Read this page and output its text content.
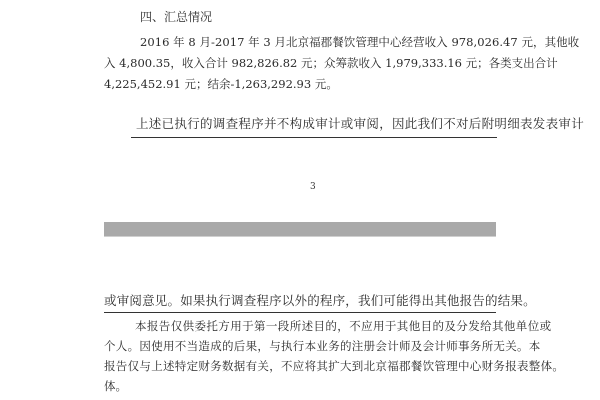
四、汇总情况
2016 年 8 月-2017 年 3 月北京福郡餐饮管理中心经营收入 978,026.47 元，其他收
入 4,800.35，收入合计 982,826.82 元；众筹款收入 1,979,333.16 元；各类支出合计
4,225,452.91 元；结余-1,263,292.93 元。
上述已执行的调查程序并不构成审计或审阅，因此我们不对后附明细表发表审计
3
或审阅意见。如果执行调查程序以外的程序，我们可能得出其他报告的结果。
本报告仅供委托方用于第一段所述目的，不应用于其他目的及分发给其他单位或
个人。因使用不当造成的后果，与执行本业务的注册会计师及会计师事务所无关。本
报告仅与上述特定财务数据有关，不应将其扩大到北京福郡餐饮管理中心财务报表整体。
体。
